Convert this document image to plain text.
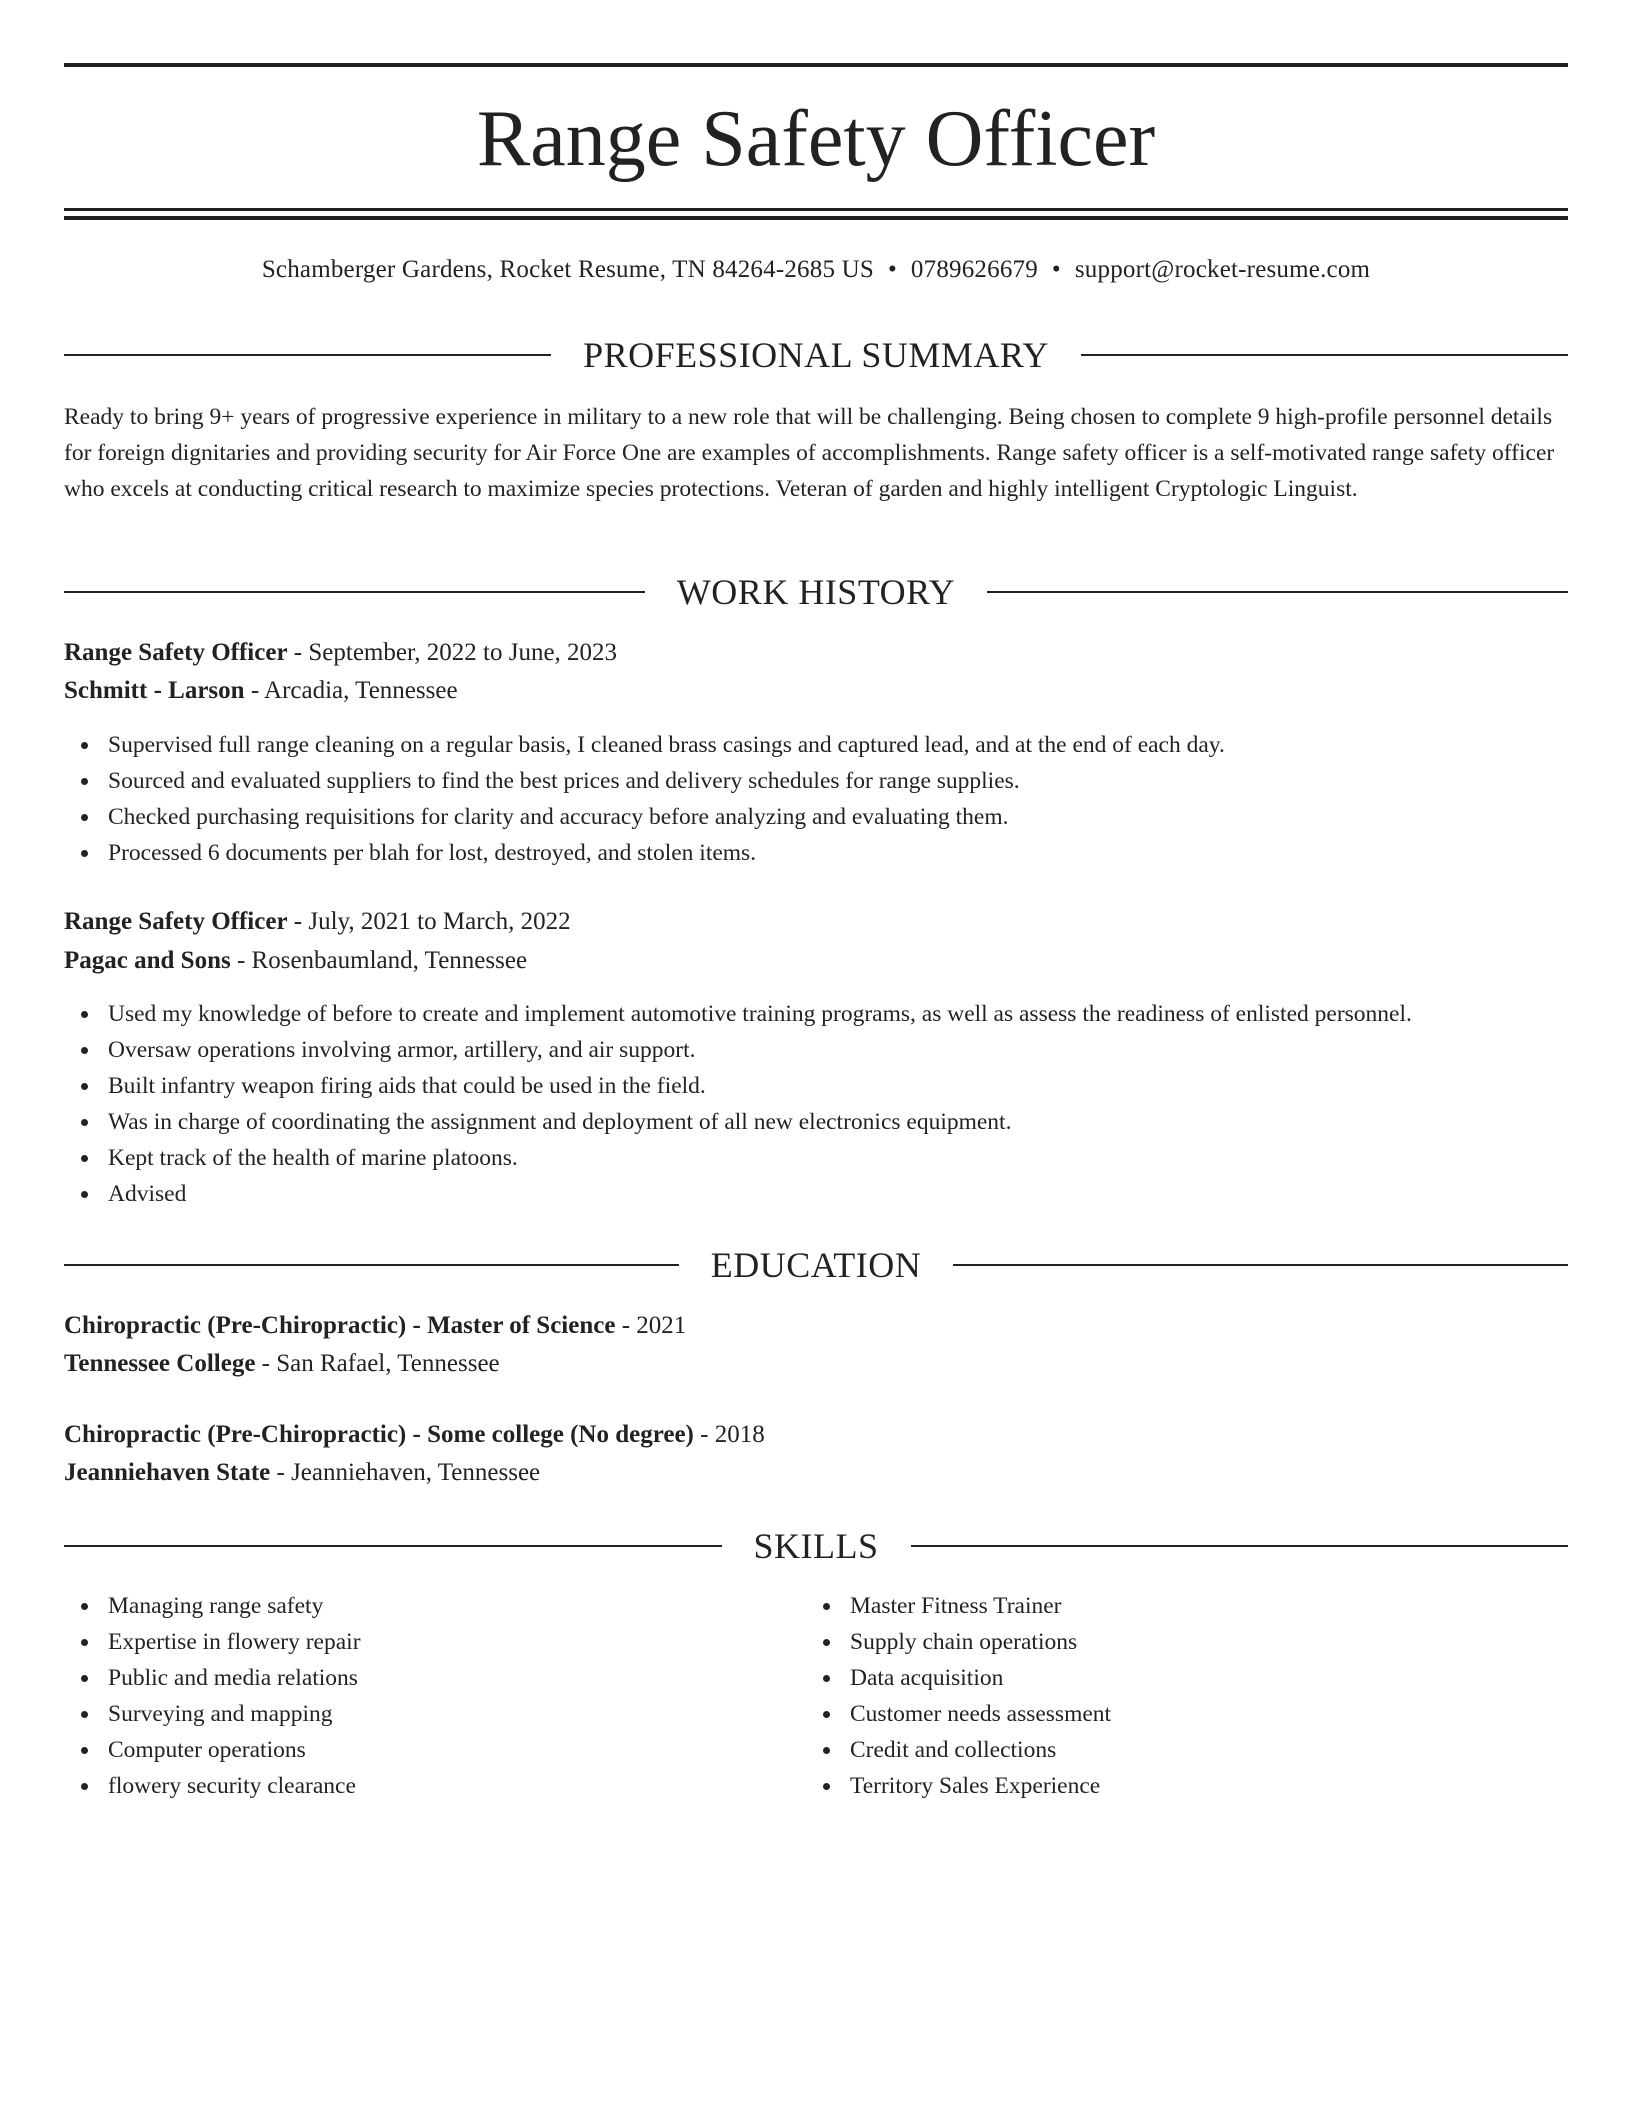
Range Safety Officer
Schamberger Gardens, Rocket Resume, TN 84264-2685 US • 0789626679 • support@rocket-resume.com
PROFESSIONAL SUMMARY

Ready to bring 9+ years of progressive experience in military to a new role that will be challenging. Being chosen to complete 9 high-profile personnel details for foreign dignitaries and providing security for Air Force One are examples of accomplishments. Range safety officer is a self-motivated range safety officer who excels at conducting critical research to maximize species protections. Veteran of garden and highly intelligent Cryptologic Linguist.

WORK HISTORY
Range Safety Officer - September, 2022 to June, 2023
Schmitt - Larson - Arcadia, Tennessee
Supervised full range cleaning on a regular basis, I cleaned brass casings and captured lead, and at the end of each day.
Sourced and evaluated suppliers to find the best prices and delivery schedules for range supplies.
Checked purchasing requisitions for clarity and accuracy before analyzing and evaluating them.
Processed 6 documents per blah for lost, destroyed, and stolen items.
Range Safety Officer - July, 2021 to March, 2022
Pagac and Sons - Rosenbaumland, Tennessee
Used my knowledge of before to create and implement automotive training programs, as well as assess the readiness of enlisted personnel.
Oversaw operations involving armor, artillery, and air support.
Built infantry weapon firing aids that could be used in the field.
Was in charge of coordinating the assignment and deployment of all new electronics equipment.
Kept track of the health of marine platoons.
Advised
EDUCATION
Chiropractic (Pre-Chiropractic) - Master of Science - 2021
Tennessee College - San Rafael, Tennessee
Chiropractic (Pre-Chiropractic) - Some college (No degree) - 2018
Jeanniehaven State - Jeanniehaven, Tennessee
SKILLS
Managing range safety
Expertise in flowery repair
Public and media relations
Surveying and mapping
Computer operations
flowery security clearance
Master Fitness Trainer
Supply chain operations
Data acquisition
Customer needs assessment
Credit and collections
Territory Sales Experience
